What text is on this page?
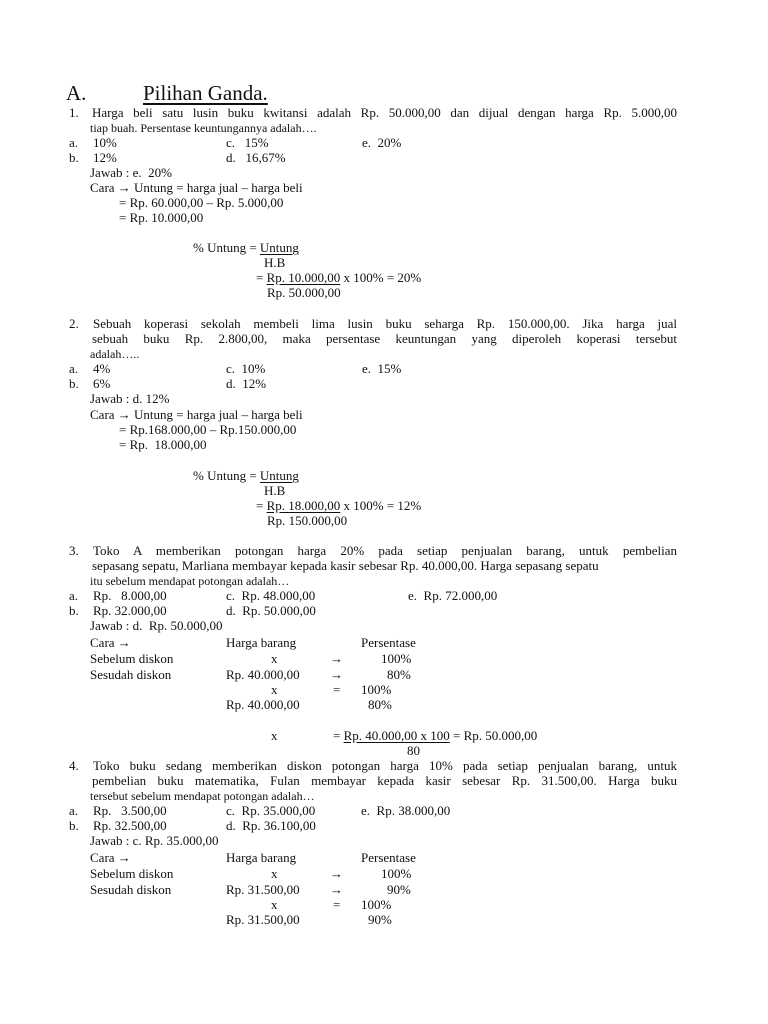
A.	Pilihan Ganda.
1. Harga beli satu lusin buku kwitansi adalah Rp. 50.000,00 dan dijual dengan harga Rp. 5.000,00
tiap buah. Persentase keuntungannya adalah….
a. 10%	c.   15%	e.  20%
b. 12%	d.   16,67%
Jawab : e.  20%
Cara → Untung = harga jual – harga beli
= Rp. 60.000,00 – Rp. 5.000,00
= Rp. 10.000,00
% Untung = Untung
H.B
= Rp. 10.000,00 x 100% = 20%
Rp. 50.000,00
2. Sebuah koperasi sekolah membeli lima lusin buku seharga Rp. 150.000,00. Jika harga jual
sebuah buku Rp. 2.800,00, maka persentase keuntungan yang diperoleh koperasi tersebut
adalah…..
a. 4%	c.  10%	e.  15%
b. 6%	d.  12%
Jawab : d. 12%
Cara → Untung = harga jual – harga beli
= Rp.168.000,00 – Rp.150.000,00
= Rp.  18.000,00
% Untung = Untung
H.B
= Rp. 18.000,00 x 100% = 12%
Rp. 150.000,00
3. Toko A memberikan potongan harga 20% pada setiap penjualan barang, untuk pembelian
sepasang sepatu, Marliana membayar kepada kasir sebesar Rp. 40.000,00. Harga sepasang sepatu
itu sebelum mendapat potongan adalah…
a. Rp.   8.000,00	c.  Rp. 48.000,00	e.  Rp. 72.000,00
b. Rp. 32.000,00	d.  Rp. 50.000,00
Jawab : d.  Rp. 50.000,00
Cara →	Harga barang	Persentase
Sebelum diskon	x	→	100%
Sesudah diskon	Rp. 40.000,00 →	80%
x	= 100%
Rp. 40.000,00	80%
x	= Rp. 40.000,00 x 100 = Rp. 50.000,00
80
4. Toko buku sedang memberikan diskon potongan harga 10% pada setiap penjualan barang, untuk
pembelian buku matematika, Fulan membayar kepada kasir sebesar Rp. 31.500,00. Harga buku
tersebut sebelum mendapat potongan adalah…
a. Rp.   3.500,00	c.  Rp. 35.000,00	e.  Rp. 38.000,00
b. Rp. 32.500,00	d.  Rp. 36.100,00
Jawab : c. Rp. 35.000,00
Cara →	Harga barang	Persentase
Sebelum diskon	x	→	100%
Sesudah diskon	Rp. 31.500,00 →	90%
x	= 100%
Rp. 31.500,00	90%
